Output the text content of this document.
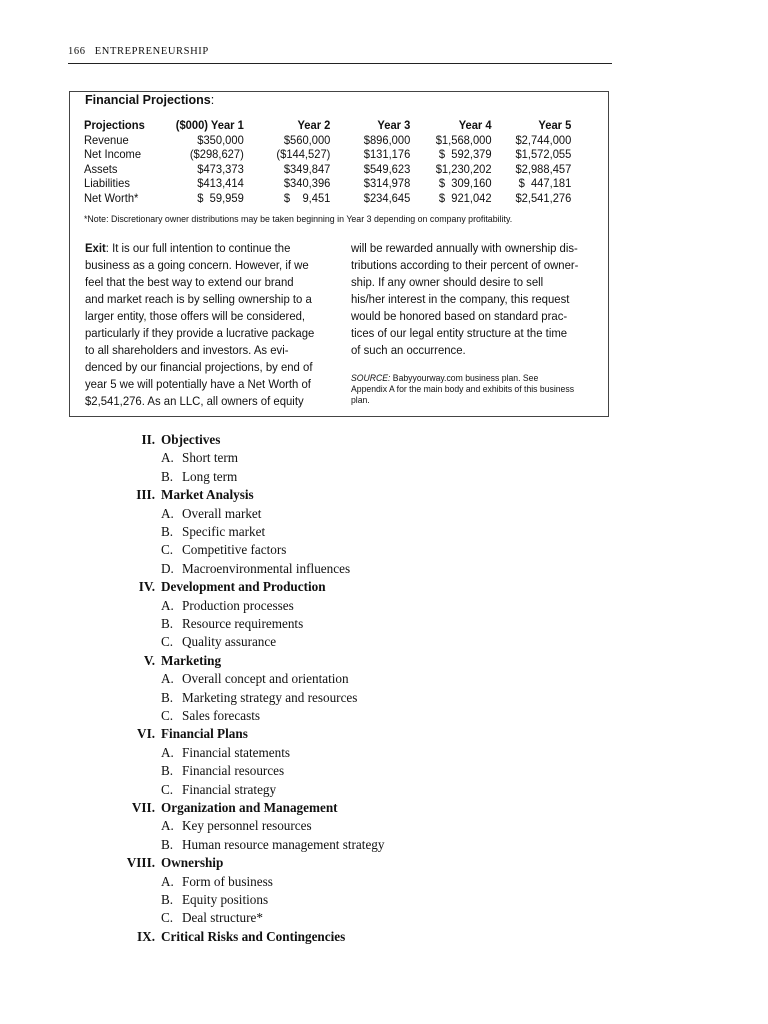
166 ENTREPRENEURSHIP
Financial Projections:
Projections	($000) Year 1	Year 2	Year 3	Year 4	Year 5
Revenue	$350,000	$560,000	$896,000	$1,568,000	$2,744,000
Net Income	($298,627)	($144,527)	$131,176	$  592,379	$1,572,055
Assets	$473,373	$349,847	$549,623	$1,230,202	$2,988,457
Liabilities	$413,414	$340,396	$314,978	$  309,160	$  447,181
Net Worth*	$  59,959	$    9,451	$234,645	$  921,042	$2,541,276
*Note: Discretionary owner distributions may be taken beginning in Year 3 depending on company profitability.
Exit: It is our full intention to continue the
business as a going concern. However, if we
feel that the best way to extend our brand
and market reach is by selling ownership to a
larger entity, those offers will be considered,
particularly if they provide a lucrative package
to all shareholders and investors. As evi-
denced by our financial projections, by end of
year 5 we will potentially have a Net Worth of
$2,541,276. As an LLC, all owners of equity
will be rewarded annually with ownership dis-
tributions according to their percent of owner-
ship. If any owner should desire to sell
his/her interest in the company, this request
would be honored based on standard prac-
tices of our legal entity structure at the time
of such an occurrence.
SOURCE: Babyyourway.com business plan. See
Appendix A for the main body and exhibits of this business
plan.
II. Objectives
A. Short term
B. Long term
III. Market Analysis
A. Overall market
B. Specific market
C. Competitive factors
D. Macroenvironmental influences
IV. Development and Production
A. Production processes
B. Resource requirements
C. Quality assurance
V. Marketing
A. Overall concept and orientation
B. Marketing strategy and resources
C. Sales forecasts
VI. Financial Plans
A. Financial statements
B. Financial resources
C. Financial strategy
VII. Organization and Management
A. Key personnel resources
B. Human resource management strategy
VIII. Ownership
A. Form of business
B. Equity positions
C. Deal structure*
IX. Critical Risks and Contingencies
